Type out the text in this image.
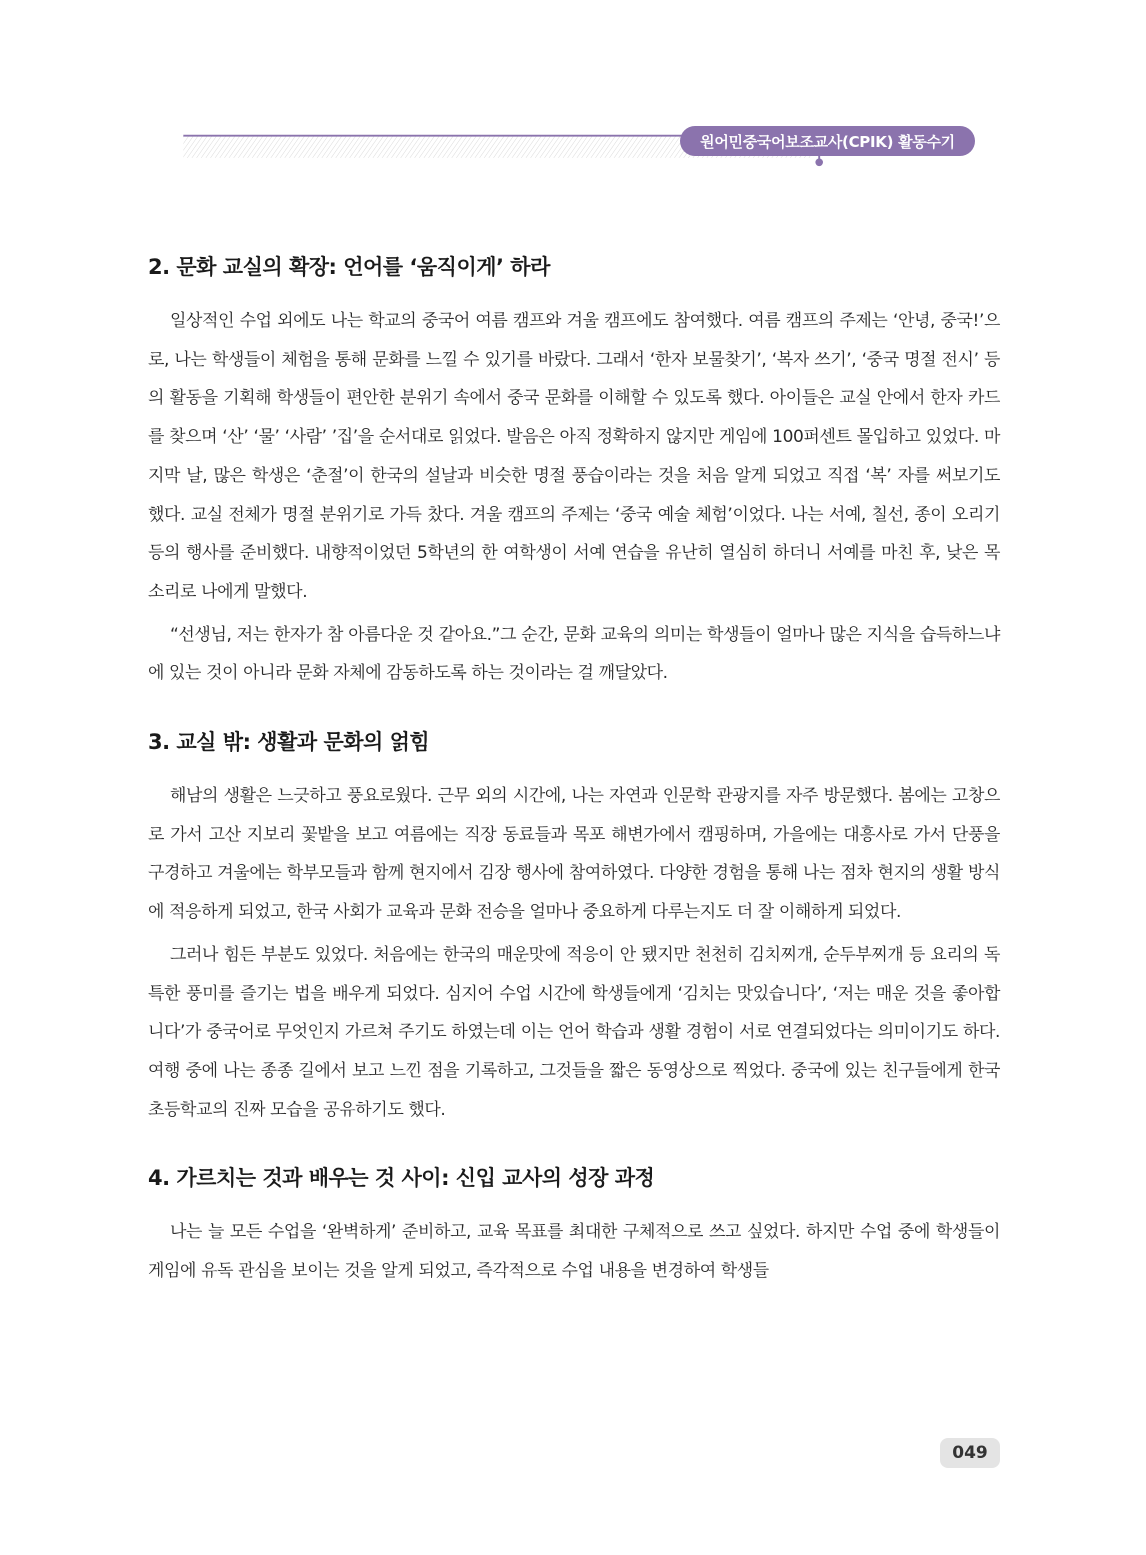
원어민중국어보조교사(CPIK) 활동수기
2. 문화 교실의 확장: 언어를 ‘움직이게’ 하라

일상적인 수업 외에도 나는 학교의 중국어 여름 캠프와 겨울 캠프에도 참여했다. 여름 캠프의 주제는 ‘안녕, 중국!’으로, 나는 학생들이 체험을 통해 문화를 느낄 수 있기를 바랐다. 그래서 ‘한자 보물찾기’, ‘복자 쓰기’, ‘중국 명절 전시’ 등의 활동을 기획해 학생들이 편안한 분위기 속에서 중국 문화를 이해할 수 있도록 했다. 아이들은 교실 안에서 한자 카드를 찾으며 ‘산’ ‘물’ ‘사람’ ’집’을 순서대로 읽었다. 발음은 아직 정확하지 않지만 게임에 100퍼센트 몰입하고 있었다. 마지막 날, 많은 학생은 ‘춘절’이 한국의 설날과 비슷한 명절 풍습이라는 것을 처음 알게 되었고 직접 ‘복’ 자를 써보기도 했다. 교실 전체가 명절 분위기로 가득 찼다. 겨울 캠프의 주제는 ‘중국 예술 체험’이었다. 나는 서예, 칠선, 종이 오리기 등의 행사를 준비했다. 내향적이었던 5학년의 한 여학생이 서예 연습을 유난히 열심히 하더니 서예를 마친 후, 낮은 목소리로 나에게 말했다.

“선생님, 저는 한자가 참 아름다운 것 같아요.”그 순간, 문화 교육의 의미는 학생들이 얼마나 많은 지식을 습득하느냐에 있는 것이 아니라 문화 자체에 감동하도록 하는 것이라는 걸 깨달았다.

3. 교실 밖: 생활과 문화의 얽힘

해남의 생활은 느긋하고 풍요로웠다. 근무 외의 시간에, 나는 자연과 인문학 관광지를 자주 방문했다. 봄에는 고창으로 가서 고산 지보리 꽃밭을 보고 여름에는 직장 동료들과 목포 해변가에서 캠핑하며, 가을에는 대흥사로 가서 단풍을 구경하고 겨울에는 학부모들과 함께 현지에서 김장 행사에 참여하였다. 다양한 경험을 통해 나는 점차 현지의 생활 방식에 적응하게 되었고, 한국 사회가 교육과 문화 전승을 얼마나 중요하게 다루는지도 더 잘 이해하게 되었다.

그러나 힘든 부분도 있었다. 처음에는 한국의 매운맛에 적응이 안 됐지만 천천히 김치찌개, 순두부찌개 등 요리의 독특한 풍미를 즐기는 법을 배우게 되었다. 심지어 수업 시간에 학생들에게 ‘김치는 맛있습니다’, ‘저는 매운 것을 좋아합니다’가 중국어로 무엇인지 가르쳐 주기도 하였는데 이는 언어 학습과 생활 경험이 서로 연결되었다는 의미이기도 하다. 여행 중에 나는 종종 길에서 보고 느낀 점을 기록하고, 그것들을 짧은 동영상으로 찍었다. 중국에 있는 친구들에게 한국 초등학교의 진짜 모습을 공유하기도 했다.

4. 가르치는 것과 배우는 것 사이: 신입 교사의 성장 과정

나는 늘 모든 수업을 ‘완벽하게’ 준비하고, 교육 목표를 최대한 구체적으로 쓰고 싶었다. 하지만 수업 중에 학생들이 게임에 유독 관심을 보이는 것을 알게 되었고, 즉각적으로 수업 내용을 변경하여 학생들

049
